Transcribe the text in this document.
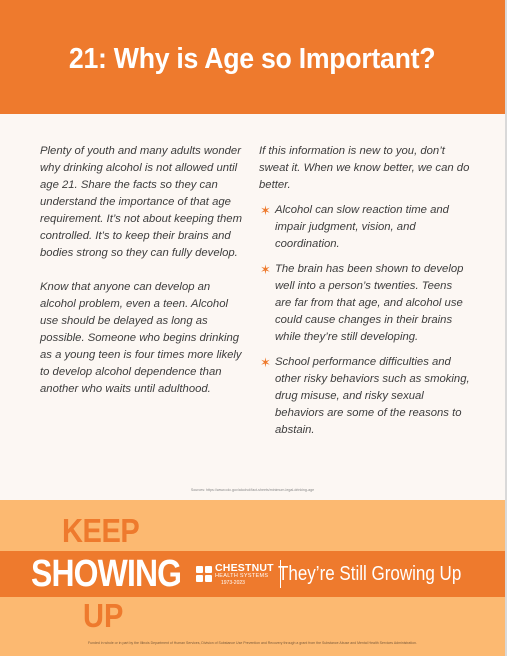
21: Why is Age so Important?

Plenty of youth and many adults wonder why drinking alcohol is not allowed until age 21. Share the facts so they can understand the importance of that age requirement. It’s not about keeping them controlled. It’s to keep their brains and bodies strong so they can fully develop.

Know that anyone can develop an alcohol problem, even a teen. Alcohol use should be delayed as long as possible. Someone who begins drinking as a young teen is four times more likely to develop alcohol dependence than another who waits until adulthood.

If this information is new to you, don’t sweat it. When we know better, we can do better.

✶ Alcohol can slow reaction time and impair judgment, vision, and coordination.
✶ The brain has been shown to develop well into a person’s twenties. Teens are far from that age, and alcohol use could cause changes in their brains while they’re still developing.
✶ School performance difficulties and other risky behaviors such as smoking, drug misuse, and risky sexual behaviors are some of the reasons to abstain.
Sources: https://www.cdc.gov/alcohol/fact-sheets/minimum-legal-drinking-age
KEEP
SHOWING
UP
CHESTNUT
HEALTH SYSTEMS
1973-2023	They’re Still Growing Up
Funded in whole or in part by the Illinois Department of Human Services, Division of Substance Use Prevention and Recovery through a grant from the Substance Abuse and Mental Health Services Administration.
